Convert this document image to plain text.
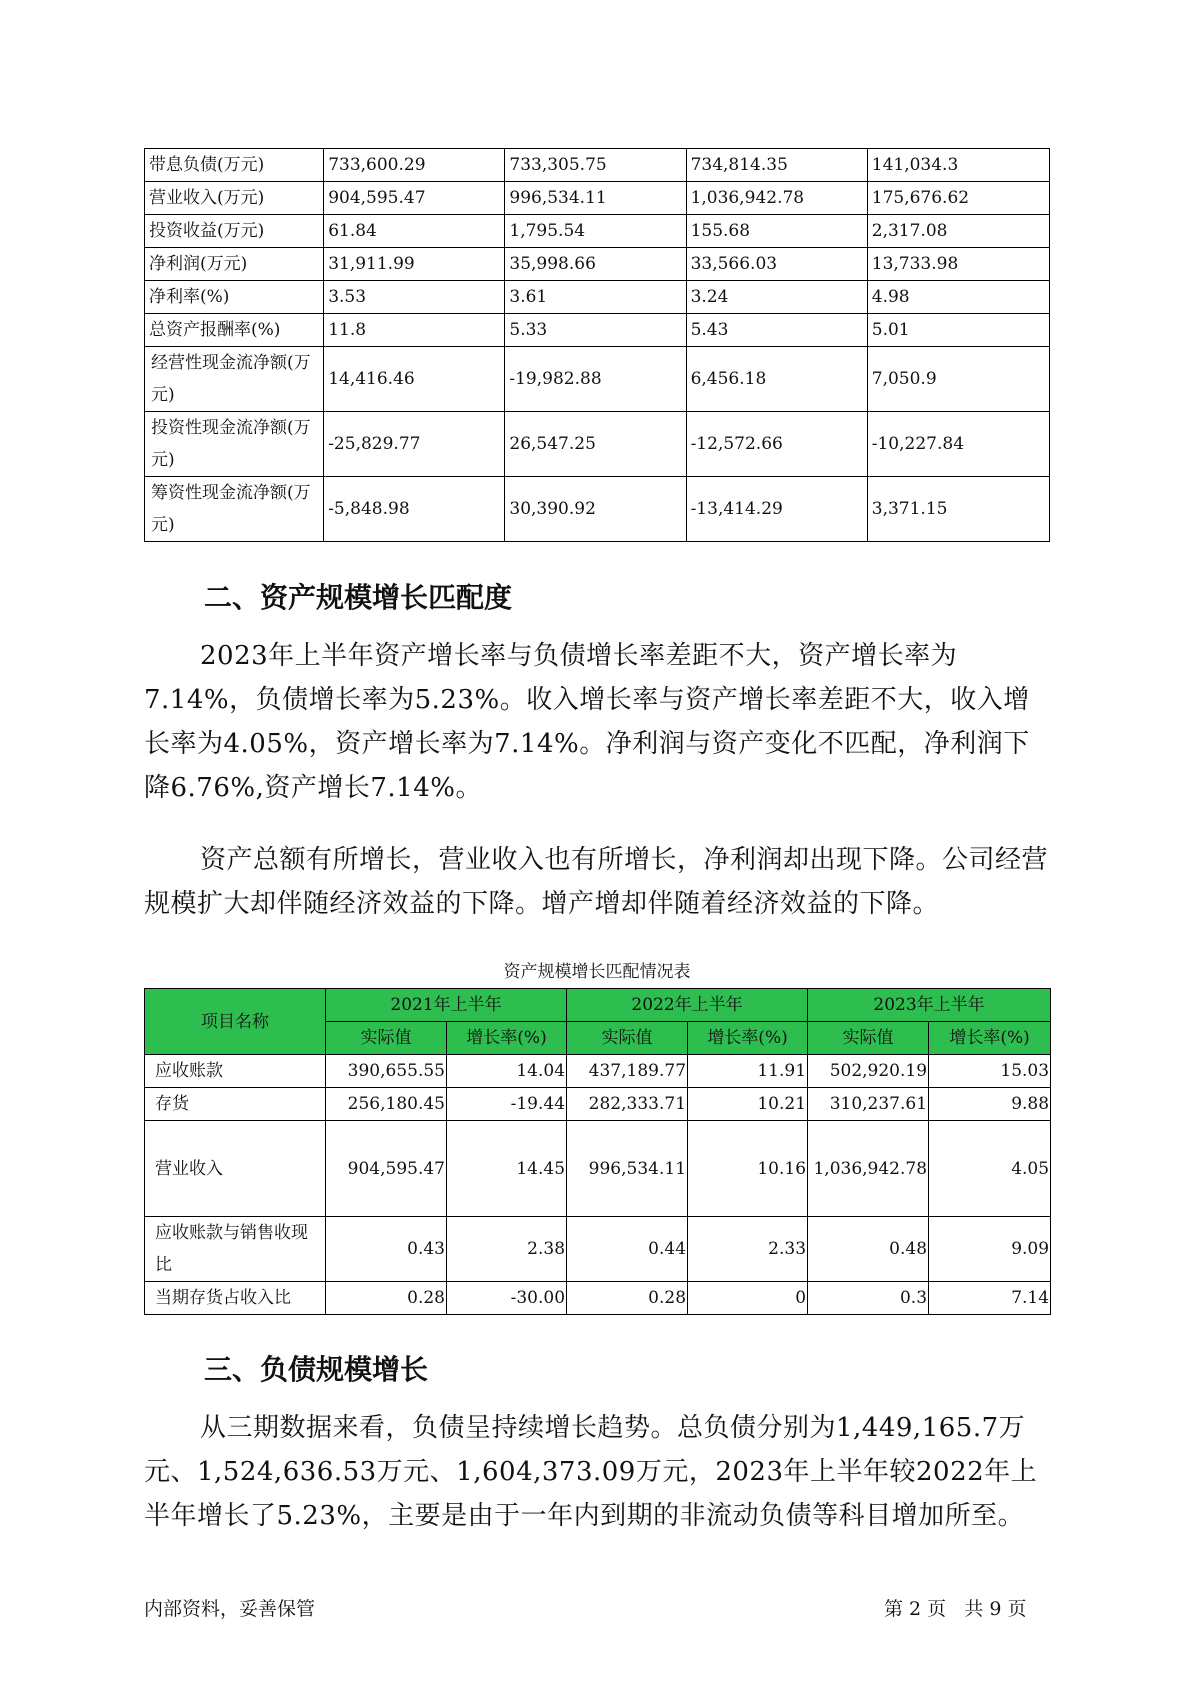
带息负债(万元)	733,600.29	733,305.75	734,814.35	141,034.3
营业收入(万元)	904,595.47	996,534.11	1,036,942.78	175,676.62
投资收益(万元)	61.84	1,795.54	155.68	2,317.08
净利润(万元)	31,911.99	35,998.66	33,566.03	13,733.98
净利率(%)	3.53	3.61	3.24	4.98
总资产报酬率(%)	11.8	5.33	5.43	5.01
经营性现金流净额(万元)	14,416.46	-19,982.88	6,456.18	7,050.9
投资性现金流净额(万元)	-25,829.77	26,547.25	-12,572.66	-10,227.84
筹资性现金流净额(万元)	-5,848.98	30,390.92	-13,414.29	3,371.15
二、资产规模增长匹配度

2023年上半年资产增长率与负债增长率差距不大，资产增长率为7.14%，负债增长率为5.23%。收入增长率与资产增长率差距不大，收入增长率为4.05%，资产增长率为7.14%。净利润与资产变化不匹配，净利润下降6.76%,资产增长7.14%。

资产总额有所增长，营业收入也有所增长，净利润却出现下降。公司经营规模扩大却伴随经济效益的下降。增产增却伴随着经济效益的下降。

资产规模增长匹配情况表

项目名称	2021年上半年		2022年上半年		2023年上半年	
	实际值	增长率(%)	实际值	增长率(%)	实际值	增长率(%)
应收账款	390,655.55	14.04	437,189.77	11.91	502,920.19	15.03
存货	256,180.45	-19.44	282,333.71	10.21	310,237.61	9.88
营业收入	904,595.47	14.45	996,534.11	10.16	1,036,942.78	4.05
应收账款与销售收现比	0.43	2.38	0.44	2.33	0.48	9.09
当期存货占收入比	0.28	-30.00	0.28	0	0.3	7.14
三、负债规模增长

从三期数据来看，负债呈持续增长趋势。总负债分别为1,449,165.7万元、1,524,636.53万元、1,604,373.09万元，2023年上半年较2022年上半年增长了5.23%，主要是由于一年内到期的非流动负债等科目增加所至。

内部资料，妥善保管	第 2 页   共 9 页
